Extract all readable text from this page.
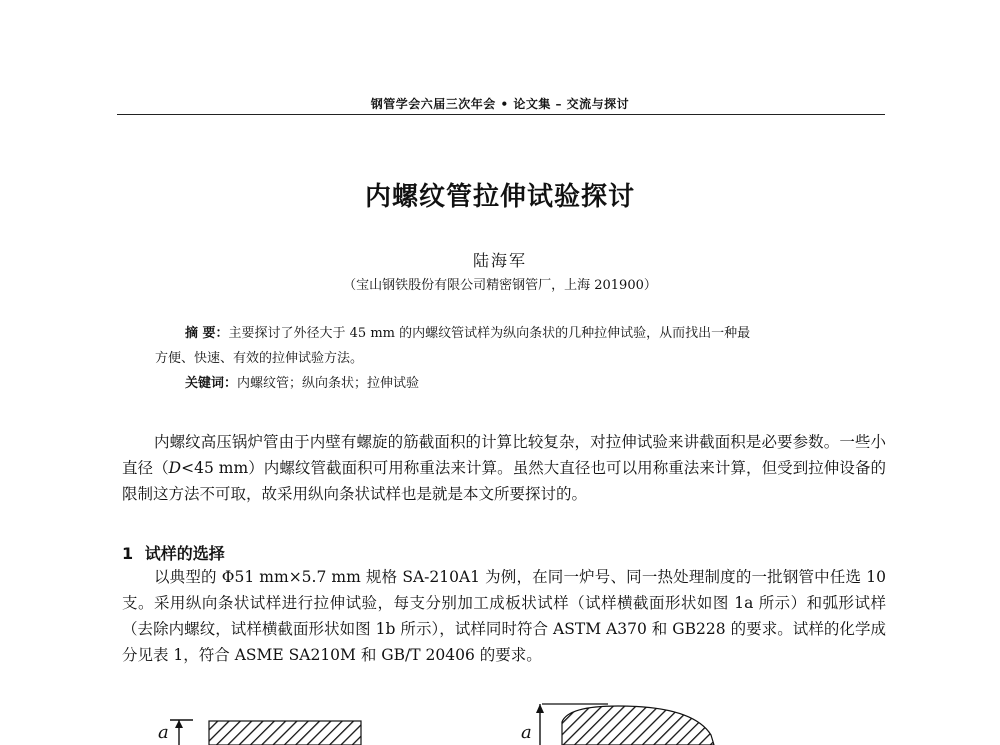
钢管学会六届三次年会 • 论文集 – 交流与探讨
内螺纹管拉伸试验探讨
陆海军
（宝山钢铁股份有限公司精密钢管厂，上海 201900）
摘 要：主要探讨了外径大于 45 mm 的内螺纹管试样为纵向条状的几种拉伸试验，从而找出一种最
方便、快速、有效的拉伸试验方法。
关键词：内螺纹管；纵向条状；拉伸试验
内螺纹高压锅炉管由于内壁有螺旋的筋截面积的计算比较复杂，对拉伸试验来讲截面积是必要参数。一些小直径（D<45 mm）内螺纹管截面积可用称重法来计算。虽然大直径也可以用称重法来计算，但受到拉伸设备的限制这方法不可取，故采用纵向条状试样也是就是本文所要探讨的。
1 试样的选择
以典型的 Φ51 mm×5.7 mm 规格 SA-210A1 为例，在同一炉号、同一热处理制度的一批钢管中任选 10 支。采用纵向条状试样进行拉伸试验，每支分别加工成板状试样（试样横截面形状如图 1a 所示）和弧形试样（去除内螺纹，试样横截面形状如图 1b 所示），试样同时符合 ASTM A370 和 GB228 的要求。试样的化学成分见表 1，符合 ASME SA210M 和 GB/T 20406 的要求。
a	a
